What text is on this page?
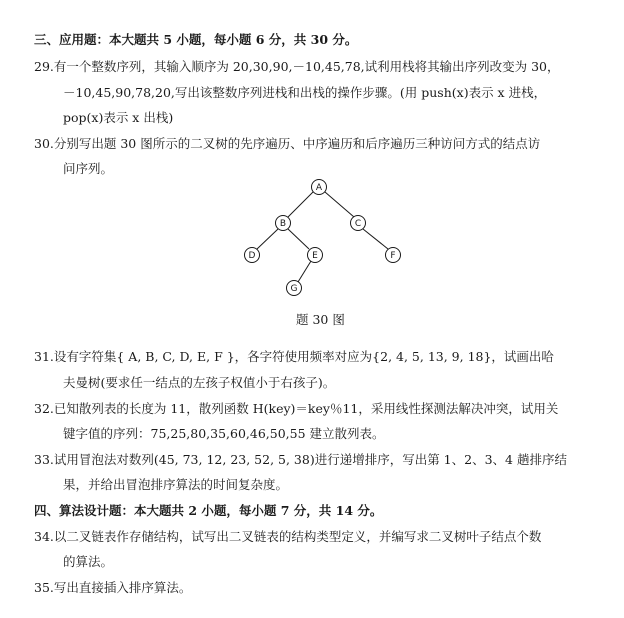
三、应用题：本大题共 5 小题，每小题 6 分，共 30 分。
29.有一个整数序列，其输入顺序为 20,30,90,－10,45,78,试利用栈将其输出序列改变为 30，
－10,45,90,78,20,写出该整数序列进栈和出栈的操作步骤。(用 push(x)表示 x 进栈，
pop(x)表示 x 出栈)
30.分别写出题 30 图所示的二叉树的先序遍历、中序遍历和后序遍历三种访问方式的结点访
问序列。
A
B	C
D	E	F
G
题 30 图
31.设有字符集{ A, B, C, D, E, F }，各字符使用频率对应为{2, 4, 5, 13, 9, 18}，试画出哈
夫曼树(要求任一结点的左孩子权值小于右孩子)。
32.已知散列表的长度为 11，散列函数 H(key)＝key％11，采用线性探测法解决冲突，试用关
键字值的序列：75,25,80,35,60,46,50,55 建立散列表。
33.试用冒泡法对数列(45, 73, 12, 23, 52, 5, 38)进行递增排序，写出第 1、2、3、4 趟排序结
果，并给出冒泡排序算法的时间复杂度。
四、算法设计题：本大题共 2 小题，每小题 7 分，共 14 分。
34.以二叉链表作存储结构，试写出二叉链表的结构类型定义，并编写求二叉树叶子结点个数
的算法。
35.写出直接插入排序算法。
